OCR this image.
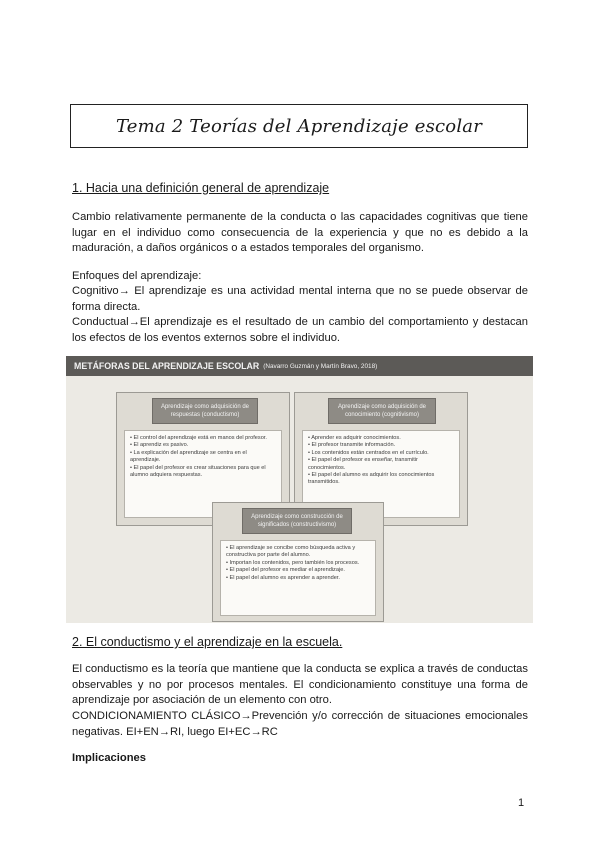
Tema 2 Teorías del Aprendizaje escolar
1. Hacia una definición general de aprendizaje
Cambio relativamente permanente de la conducta o las capacidades cognitivas que tiene lugar en el individuo como consecuencia de la experiencia y que no es debido a la maduración, a daños orgánicos o a estados temporales del organismo.
Enfoques del aprendizaje:
Cognitivo→ El aprendizaje es una actividad mental interna que no se puede observar de forma directa.
Conductual→El aprendizaje es el resultado de un cambio del comportamiento y destacan los efectos de los eventos externos sobre el individuo.
METÁFORAS DEL APRENDIZAJE ESCOLAR (Navarro Guzmán y Martín Bravo, 2018)
Aprendizaje como adquisición de respuestas (conductismo)
• El control del aprendizaje está en manos del profesor.
• El aprendiz es pasivo.
• La explicación del aprendizaje se centra en el aprendizaje.
• El papel del profesor es crear situaciones para que el alumno adquiera respuestas.
Aprendizaje como adquisición de conocimiento (cognitivismo)
• Aprender es adquirir conocimientos.
• El profesor transmite información.
• Los contenidos están centrados en el currículo.
• El papel del profesor es enseñar, transmitir conocimientos.
• El papel del alumno es adquirir los conocimientos transmitidos.
Aprendizaje como construcción de significados (constructivismo)
• El aprendizaje se concibe como búsqueda activa y constructiva por parte del alumno.
• Importan los contenidos, pero también los procesos.
• El papel del profesor es mediar el aprendizaje.
• El papel del alumno es aprender a aprender.
2. El conductismo y el aprendizaje en la escuela.
El conductismo es la teoría que mantiene que la conducta se explica a través de conductas observables y no por procesos mentales. El condicionamiento constituye una forma de aprendizaje por asociación de un elemento con otro.
CONDICIONAMIENTO CLÁSICO→Prevención y/o corrección de situaciones emocionales negativas. EI+EN→RI, luego EI+EC→RC
Implicaciones
1
